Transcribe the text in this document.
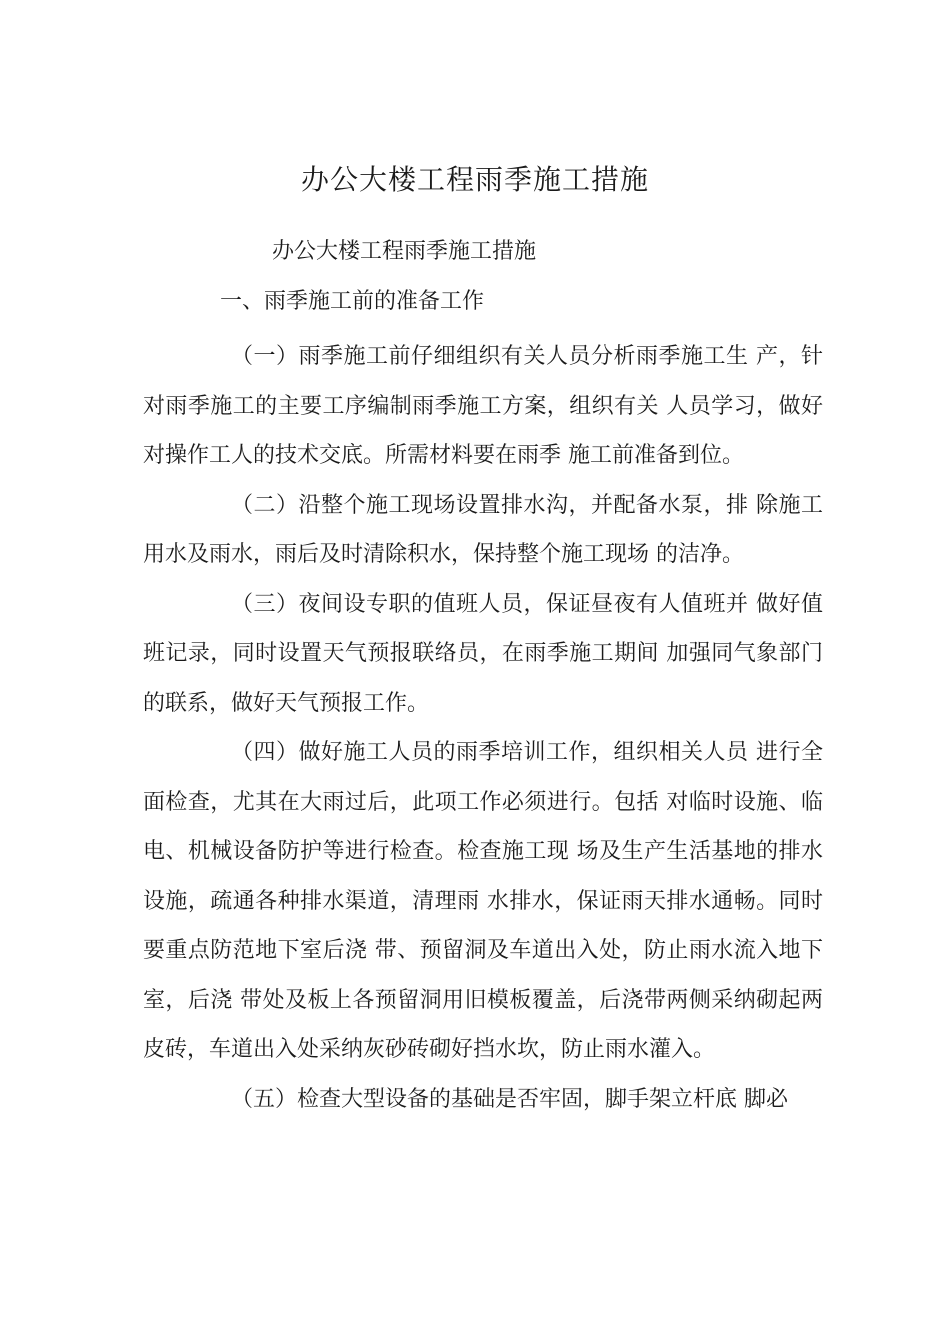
办公大楼工程雨季施工措施
办公大楼工程雨季施工措施
一、雨季施工前的准备工作

（一）雨季施工前仔细组织有关人员分析雨季施工生 产，针对雨季施工的主要工序编制雨季施工方案，组织有关 人员学习，做好对操作工人的技术交底。所需材料要在雨季 施工前准备到位。

（二）沿整个施工现场设置排水沟，并配备水泵，排 除施工用水及雨水，雨后及时清除积水，保持整个施工现场 的洁净。

（三）夜间设专职的值班人员，保证昼夜有人值班并 做好值班记录，同时设置天气预报联络员，在雨季施工期间 加强同气象部门的联系，做好天气预报工作。

（四）做好施工人员的雨季培训工作，组织相关人员 进行全面检查，尤其在大雨过后，此项工作必须进行。包括 对临时设施、临电、机械设备防护等进行检查。检查施工现 场及生产生活基地的排水设施，疏通各种排水渠道，清理雨 水排水，保证雨天排水通畅。同时要重点防范地下室后浇 带、预留洞及车道出入处，防止雨水流入地下室，后浇 带处及板上各预留洞用旧模板覆盖，后浇带两侧采纳砌起两 皮砖，车道出入处采纳灰砂砖砌好挡水坎，防止雨水灌入。

（五）检查大型设备的基础是否牢固，脚手架立杆底 脚必
